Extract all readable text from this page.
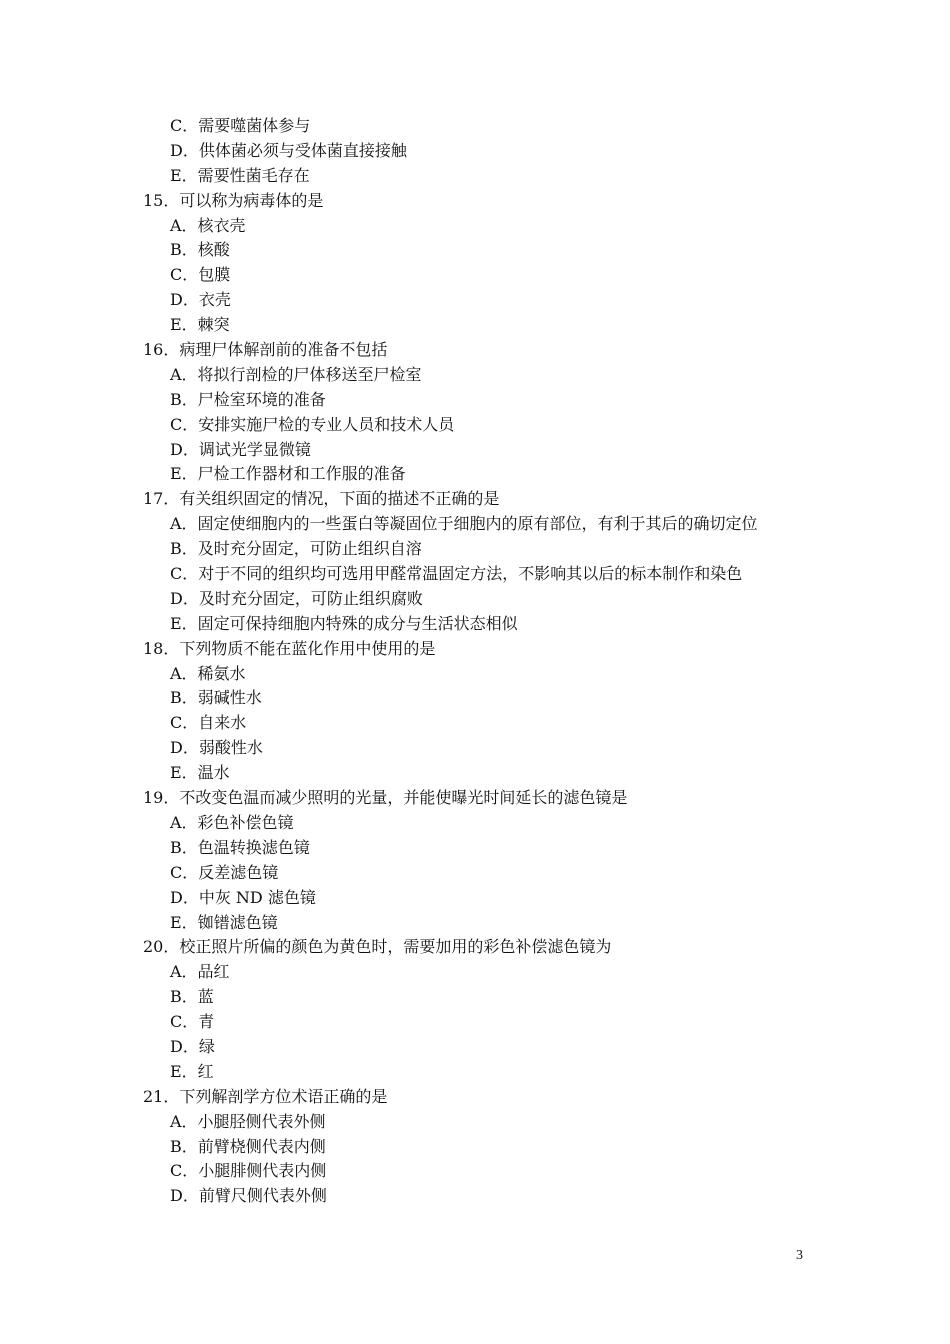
C．需要噬菌体参与
D．供体菌必须与受体菌直接接触
E．需要性菌毛存在
15．可以称为病毒体的是
A．核衣壳
B．核酸
C．包膜
D．衣壳
E．棘突
16．病理尸体解剖前的准备不包括
A．将拟行剖检的尸体移送至尸检室
B．尸检室环境的准备
C．安排实施尸检的专业人员和技术人员
D．调试光学显微镜
E．尸检工作器材和工作服的准备
17．有关组织固定的情况，下面的描述不正确的是
A．固定使细胞内的一些蛋白等凝固位于细胞内的原有部位，有利于其后的确切定位
B．及时充分固定，可防止组织自溶
C．对于不同的组织均可选用甲醛常温固定方法，不影响其以后的标本制作和染色
D．及时充分固定，可防止组织腐败
E．固定可保持细胞内特殊的成分与生活状态相似
18．下列物质不能在蓝化作用中使用的是
A．稀氨水
B．弱碱性水
C．自来水
D．弱酸性水
E．温水
19．不改变色温而减少照明的光量，并能使曝光时间延长的滤色镜是
A．彩色补偿色镜
B．色温转换滤色镜
C．反差滤色镜
D．中灰 ND 滤色镜
E．铷镨滤色镜
20．校正照片所偏的颜色为黄色时，需要加用的彩色补偿滤色镜为
A．品红
B．蓝
C．青
D．绿
E．红
21．下列解剖学方位术语正确的是
A．小腿胫侧代表外侧
B．前臂桡侧代表内侧
C．小腿腓侧代表内侧
D．前臂尺侧代表外侧
3
